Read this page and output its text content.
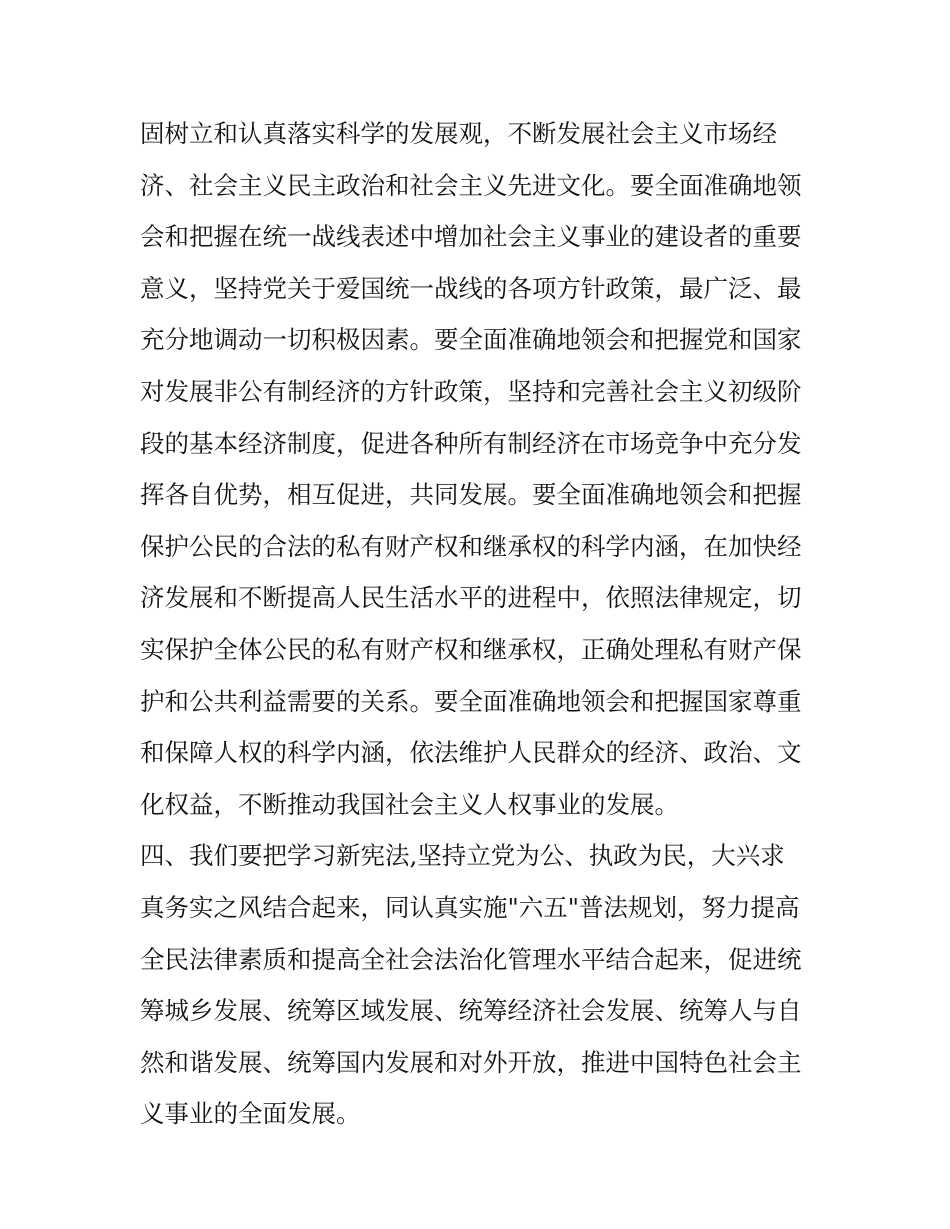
固树立和认真落实科学的发展观，不断发展社会主义市场经
济、社会主义民主政治和社会主义先进文化。要全面准确地领
会和把握在统一战线表述中增加社会主义事业的建设者的重要
意义，坚持党关于爱国统一战线的各项方针政策，最广泛、最
充分地调动一切积极因素。要全面准确地领会和把握党和国家
对发展非公有制经济的方针政策，坚持和完善社会主义初级阶
段的基本经济制度，促进各种所有制经济在市场竞争中充分发
挥各自优势，相互促进，共同发展。要全面准确地领会和把握
保护公民的合法的私有财产权和继承权的科学内涵，在加快经
济发展和不断提高人民生活水平的进程中，依照法律规定，切
实保护全体公民的私有财产权和继承权，正确处理私有财产保
护和公共利益需要的关系。要全面准确地领会和把握国家尊重
和保障人权的科学内涵，依法维护人民群众的经济、政治、文
化权益，不断推动我国社会主义人权事业的发展。
四、我们要把学习新宪法,坚持立党为公、执政为民，大兴求
真务实之风结合起来，同认真实施"六五"普法规划，努力提高
全民法律素质和提高全社会法治化管理水平结合起来，促进统
筹城乡发展、统筹区域发展、统筹经济社会发展、统筹人与自
然和谐发展、统筹国内发展和对外开放，推进中国特色社会主
义事业的全面发展。
